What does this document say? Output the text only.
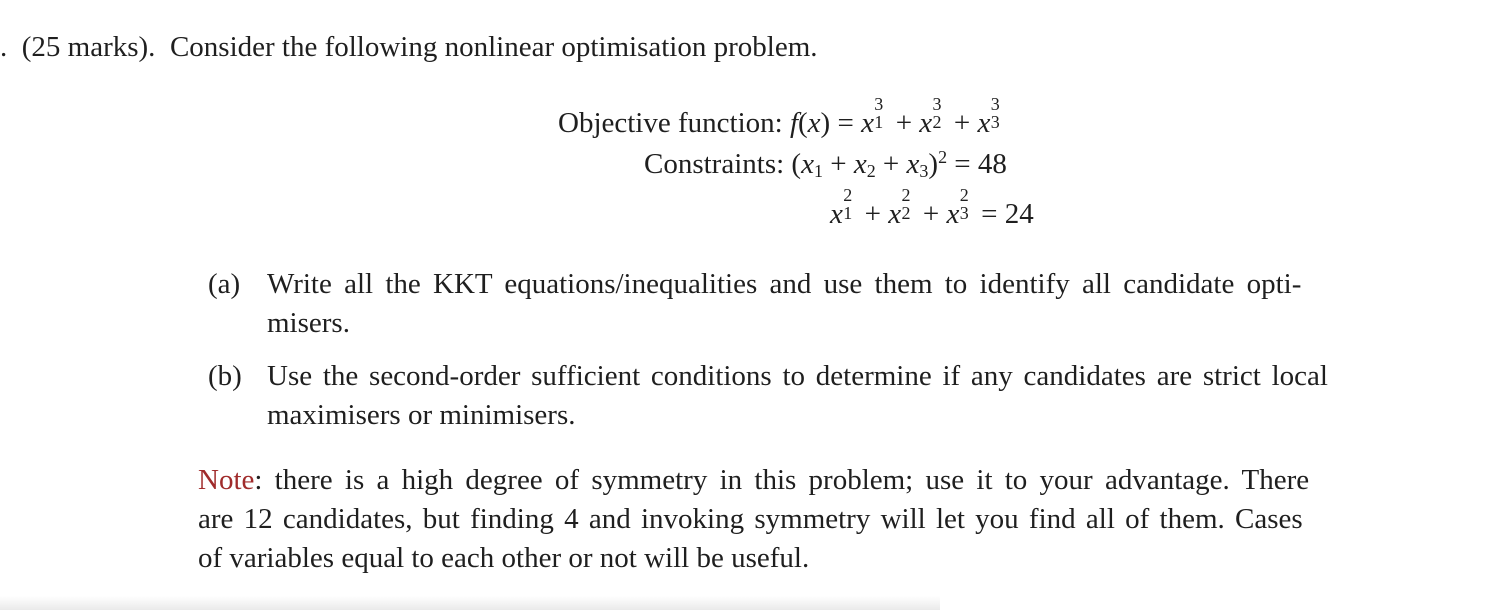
. (25 marks). Consider the following nonlinear optimisation problem.
Objective function: f(x) = x
3
1 + x
3
2 + x
3
3
Constraints: $(x_1 + x_2 + x_3)^2 = 48$
x
2
1 + x
2
2 + x
2
3 = 24
(a) Write all the KKT equations/inequalities and use them to identify all candidate opti-
misers.
(b) Use the second-order sufficient conditions to determine if any candidates are strict local
maximisers or minimisers.
Note: there is a high degree of symmetry in this problem; use it to your advantage. There
are 12 candidates, but finding 4 and invoking symmetry will let you find all of them. Cases
of variables equal to each other or not will be useful.
